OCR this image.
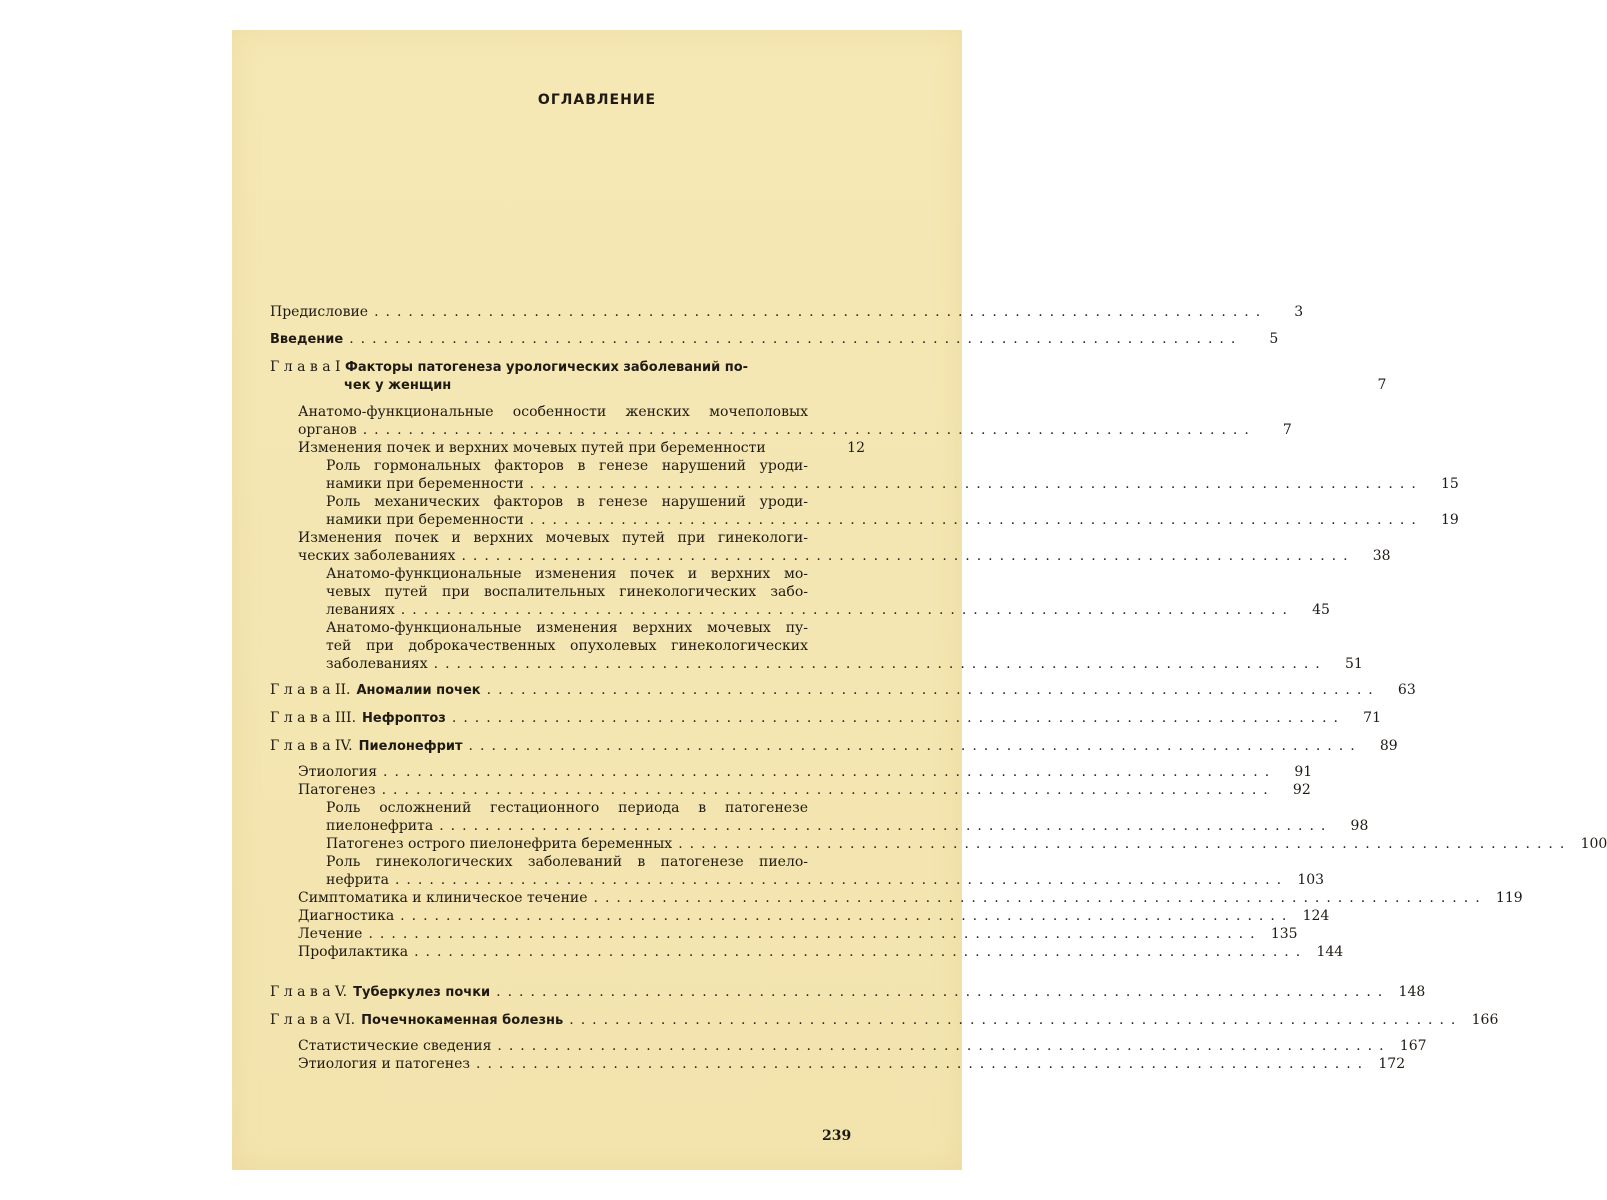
ОГЛАВЛЕНИЕ
Предисловие ..............................................................................	3
Введение ..............................................................................	5
Г л а в а I Факторы патогенеза урологических заболеваний по-
чек у женщин	7
Анатомо-функциональные особенности женских мочеполовых
органов ..............................................................................	7
Изменения почек и верхних мочевых путей при беременности	12
Роль гормональных факторов в генезе нарушений уроди-
намики при беременности ..............................................................................	15
Роль механических факторов в генезе нарушений уроди-
намики при беременности ..............................................................................	19
Изменения почек и верхних мочевых путей при гинекологи-
ческих заболеваниях ..............................................................................	38
Анатомо-функциональные изменения почек и верхних мо-
чевых путей при воспалительных гинекологических забо-
леваниях ..............................................................................	45
Анатомо-функциональные изменения верхних мочевых пу-
тей при доброкачественных опухолевых гинекологических
заболеваниях ..............................................................................	51
Г л а в а II. Аномалии почек ..............................................................................	63
Г л а в а III. Нефроптоз ..............................................................................	71
Г л а в а IV. Пиелонефрит ..............................................................................	89
Этиология ..............................................................................	91
Патогенез ..............................................................................	92
Роль осложнений гестационного периода в патогенезе
пиелонефрита ..............................................................................	98
Патогенез острого пиелонефрита беременных .............................................................................. 100
Роль гинекологических заболеваний в патогенезе пиело-
нефрита .............................................................................. 103
Симптоматика и клиническое течение .............................................................................. 119
Диагностика .............................................................................. 124
Лечение .............................................................................. 135
Профилактика .............................................................................. 144
Г л а в а V. Туберкулез почки .............................................................................. 148
Г л а в а VI. Почечнокаменная болезнь .............................................................................. 166
Статистические сведения .............................................................................. 167
Этиология и патогенез .............................................................................. 172
239
